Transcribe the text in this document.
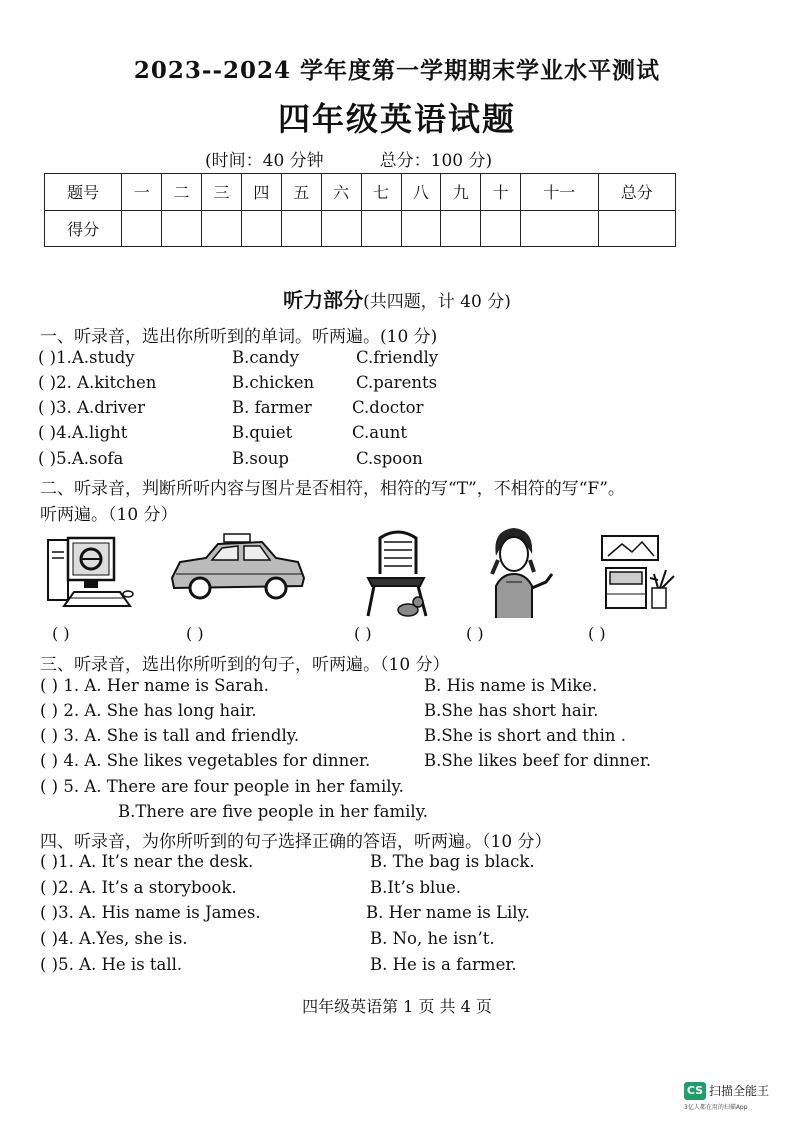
2023--2024 学年度第一学期期末学业水平测试
四年级英语试题
(时间：40 分钟	总分：100 分)
题号	一	二	三	四	五	六	七	八	九	十	十一	总分
得分												
听力部分(共四题，计 40 分)
一、听录音，选出你所听到的单词。听两遍。(10 分)
( )1.A.study	B.candy	C.friendly
( )2. A.kitchen	B.chicken	C.parents
( )3. A.driver	B. farmer C.doctor
( )4.A.light	B.quiet	C.aunt
( )5.A.sofa	B.soup	C.spoon
二、听录音，判断所听内容与图片是否相符，相符的写“T”，不相符的写“F”。
听两遍。（10 分）
( )	( )	( )	( )	( )
三、听录音，选出你所听到的句子，听两遍。（10 分）
( ) 1. A. Her name is Sarah.	B. His name is Mike.
( ) 2. A. She has long hair.	B.She has short hair.
( ) 3. A. She is tall and friendly.	B.She is short and thin .
( ) 4. A. She likes vegetables for dinner.	B.She likes beef for dinner.
( ) 5. A. There are four people in her family.
B.There are five people in her family.
四、听录音，为你所听到的句子选择正确的答语，听两遍。（10 分）
( )1. A. It’s near the desk.	B. The bag is black.
( )2. A. It’s a storybook.	B.It’s blue.
( )3. A. His name is James.	B. Her name is Lily.
( )4. A.Yes, she is.	B. No, he isn’t.
( )5. A. He is tall.	B. He is a farmer.
四年级英语第 1 页 共 4 页
CS 扫描全能王
3亿人都在用的扫描App
